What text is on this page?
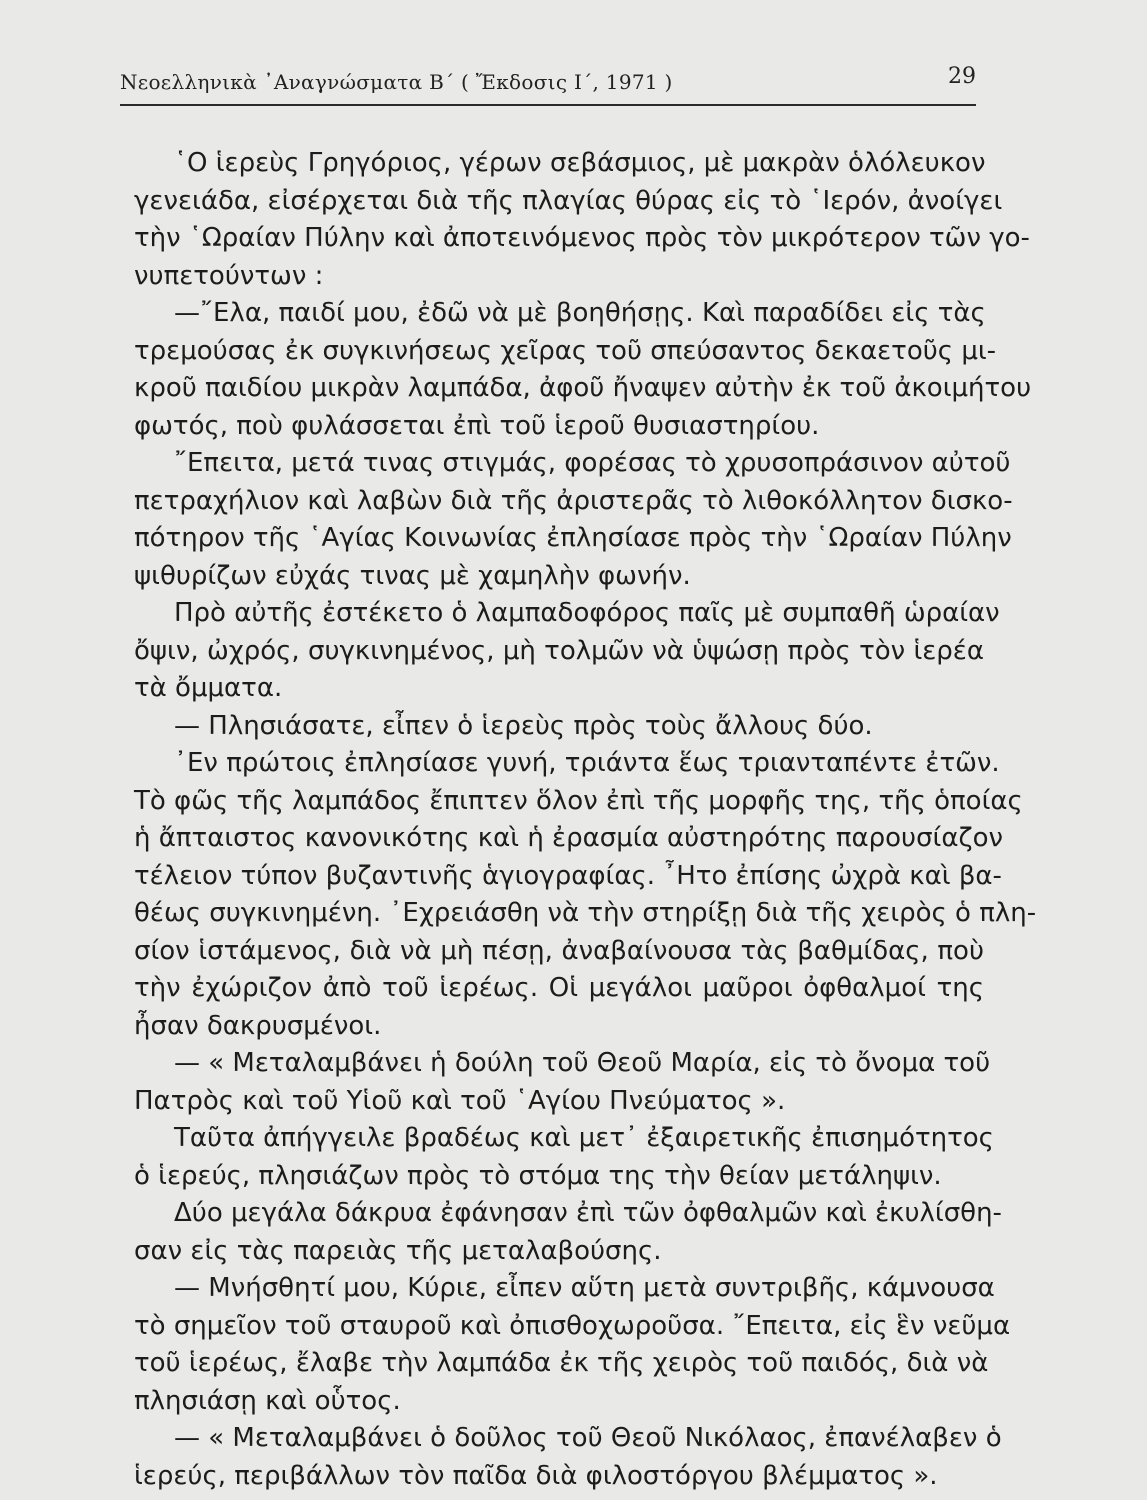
Νεοελληνικὰ ᾿Αναγνώσματα Β΄ ( Ἔκδοσις Ι΄, 1971 )	29
῾Ο ἱερεὺς Γρηγόριος, γέρων σεβάσμιος, μὲ μακρὰν ὁλόλευκον
γενειάδα, εἰσέρχεται διὰ τῆς πλαγίας θύρας εἰς τὸ ῾Ιερόν, ἀνοίγει
τὴν ῾Ωραίαν Πύλην καὶ ἀποτεινόμενος πρὸς τὸν μικρότερον τῶν γο-
νυπετούντων :
—῎Ελα, παιδί μου, ἐδῶ νὰ μὲ βοηθήσῃς. Καὶ παραδίδει εἰς τὰς
τρεμούσας ἐκ συγκινήσεως χεῖρας τοῦ σπεύσαντος δεκαετοῦς μι-
κροῦ παιδίου μικρὰν λαμπάδα, ἀφοῦ ἤναψεν αὐτὴν ἐκ τοῦ ἀκοιμήτου
φωτός, ποὺ φυλάσσεται ἐπὶ τοῦ ἱεροῦ θυσιαστηρίου.
῎Επειτα, μετά τινας στιγμάς, φορέσας τὸ χρυσοπράσινον αὐτοῦ
πετραχήλιον καὶ λαβὼν διὰ τῆς ἀριστερᾶς τὸ λιθοκόλλητον δισκο-
πότηρον τῆς ῾Αγίας Κοινωνίας ἐπλησίασε πρὸς τὴν ῾Ωραίαν Πύλην
ψιθυρίζων εὐχάς τινας μὲ χαμηλὴν φωνήν.
Πρὸ αὐτῆς ἐστέκετο ὁ λαμπαδοφόρος παῖς μὲ συμπαθῆ ὡραίαν
ὄψιν, ὠχρός, συγκινημένος, μὴ τολμῶν νὰ ὑψώσῃ πρὸς τὸν ἱερέα
τὰ ὄμματα.
— Πλησιάσατε, εἶπεν ὁ ἱερεὺς πρὸς τοὺς ἄλλους δύο.
᾿Εν πρώτοις ἐπλησίασε γυνή, τριάντα ἕως τριανταπέντε ἐτῶν.
Τὸ φῶς τῆς λαμπάδος ἔπιπτεν ὅλον ἐπὶ τῆς μορφῆς της, τῆς ὁποίας
ἡ ἄπταιστος κανονικότης καὶ ἡ ἐρασμία αὐστηρότης παρουσίαζον
τέλειον τύπον βυζαντινῆς ἁγιογραφίας. ῏Ητο ἐπίσης ὠχρὰ καὶ βα-
θέως συγκινημένη. ᾿Εχρειάσθη νὰ τὴν στηρίξῃ διὰ τῆς χειρὸς ὁ πλη-
σίον ἱστάμενος, διὰ νὰ μὴ πέσῃ, ἀναβαίνουσα τὰς βαθμίδας, ποὺ
τὴν ἐχώριζον ἀπὸ τοῦ ἱερέως. Οἱ μεγάλοι μαῦροι ὀφθαλμοί της
ἦσαν δακρυσμένοι.
— « Μεταλαμβάνει ἡ δούλη τοῦ Θεοῦ Μαρία, εἰς τὸ ὄνομα τοῦ
Πατρὸς καὶ τοῦ Υἱοῦ καὶ τοῦ ῾Αγίου Πνεύματος ».
Ταῦτα ἀπήγγειλε βραδέως καὶ μετ᾿ ἐξαιρετικῆς ἐπισημότητος
ὁ ἱερεύς, πλησιάζων πρὸς τὸ στόμα της τὴν θείαν μετάληψιν.
Δύο μεγάλα δάκρυα ἐφάνησαν ἐπὶ τῶν ὀφθαλμῶν καὶ ἐκυλίσθη-
σαν εἰς τὰς παρειὰς τῆς μεταλαβούσης.
— Μνήσθητί μου, Κύριε, εἶπεν αὕτη μετὰ συντριβῆς, κάμνουσα
τὸ σημεῖον τοῦ σταυροῦ καὶ ὀπισθοχωροῦσα. ῎Επειτα, εἰς ἓν νεῦμα
τοῦ ἱερέως, ἔλαβε τὴν λαμπάδα ἐκ τῆς χειρὸς τοῦ παιδός, διὰ νὰ
πλησιάσῃ καὶ οὗτος.
— « Μεταλαμβάνει ὁ δοῦλος τοῦ Θεοῦ Νικόλαος, ἐπανέλαβεν ὁ
ἱερεύς, περιβάλλων τὸν παῖδα διὰ φιλοστόργου βλέμματος ».
